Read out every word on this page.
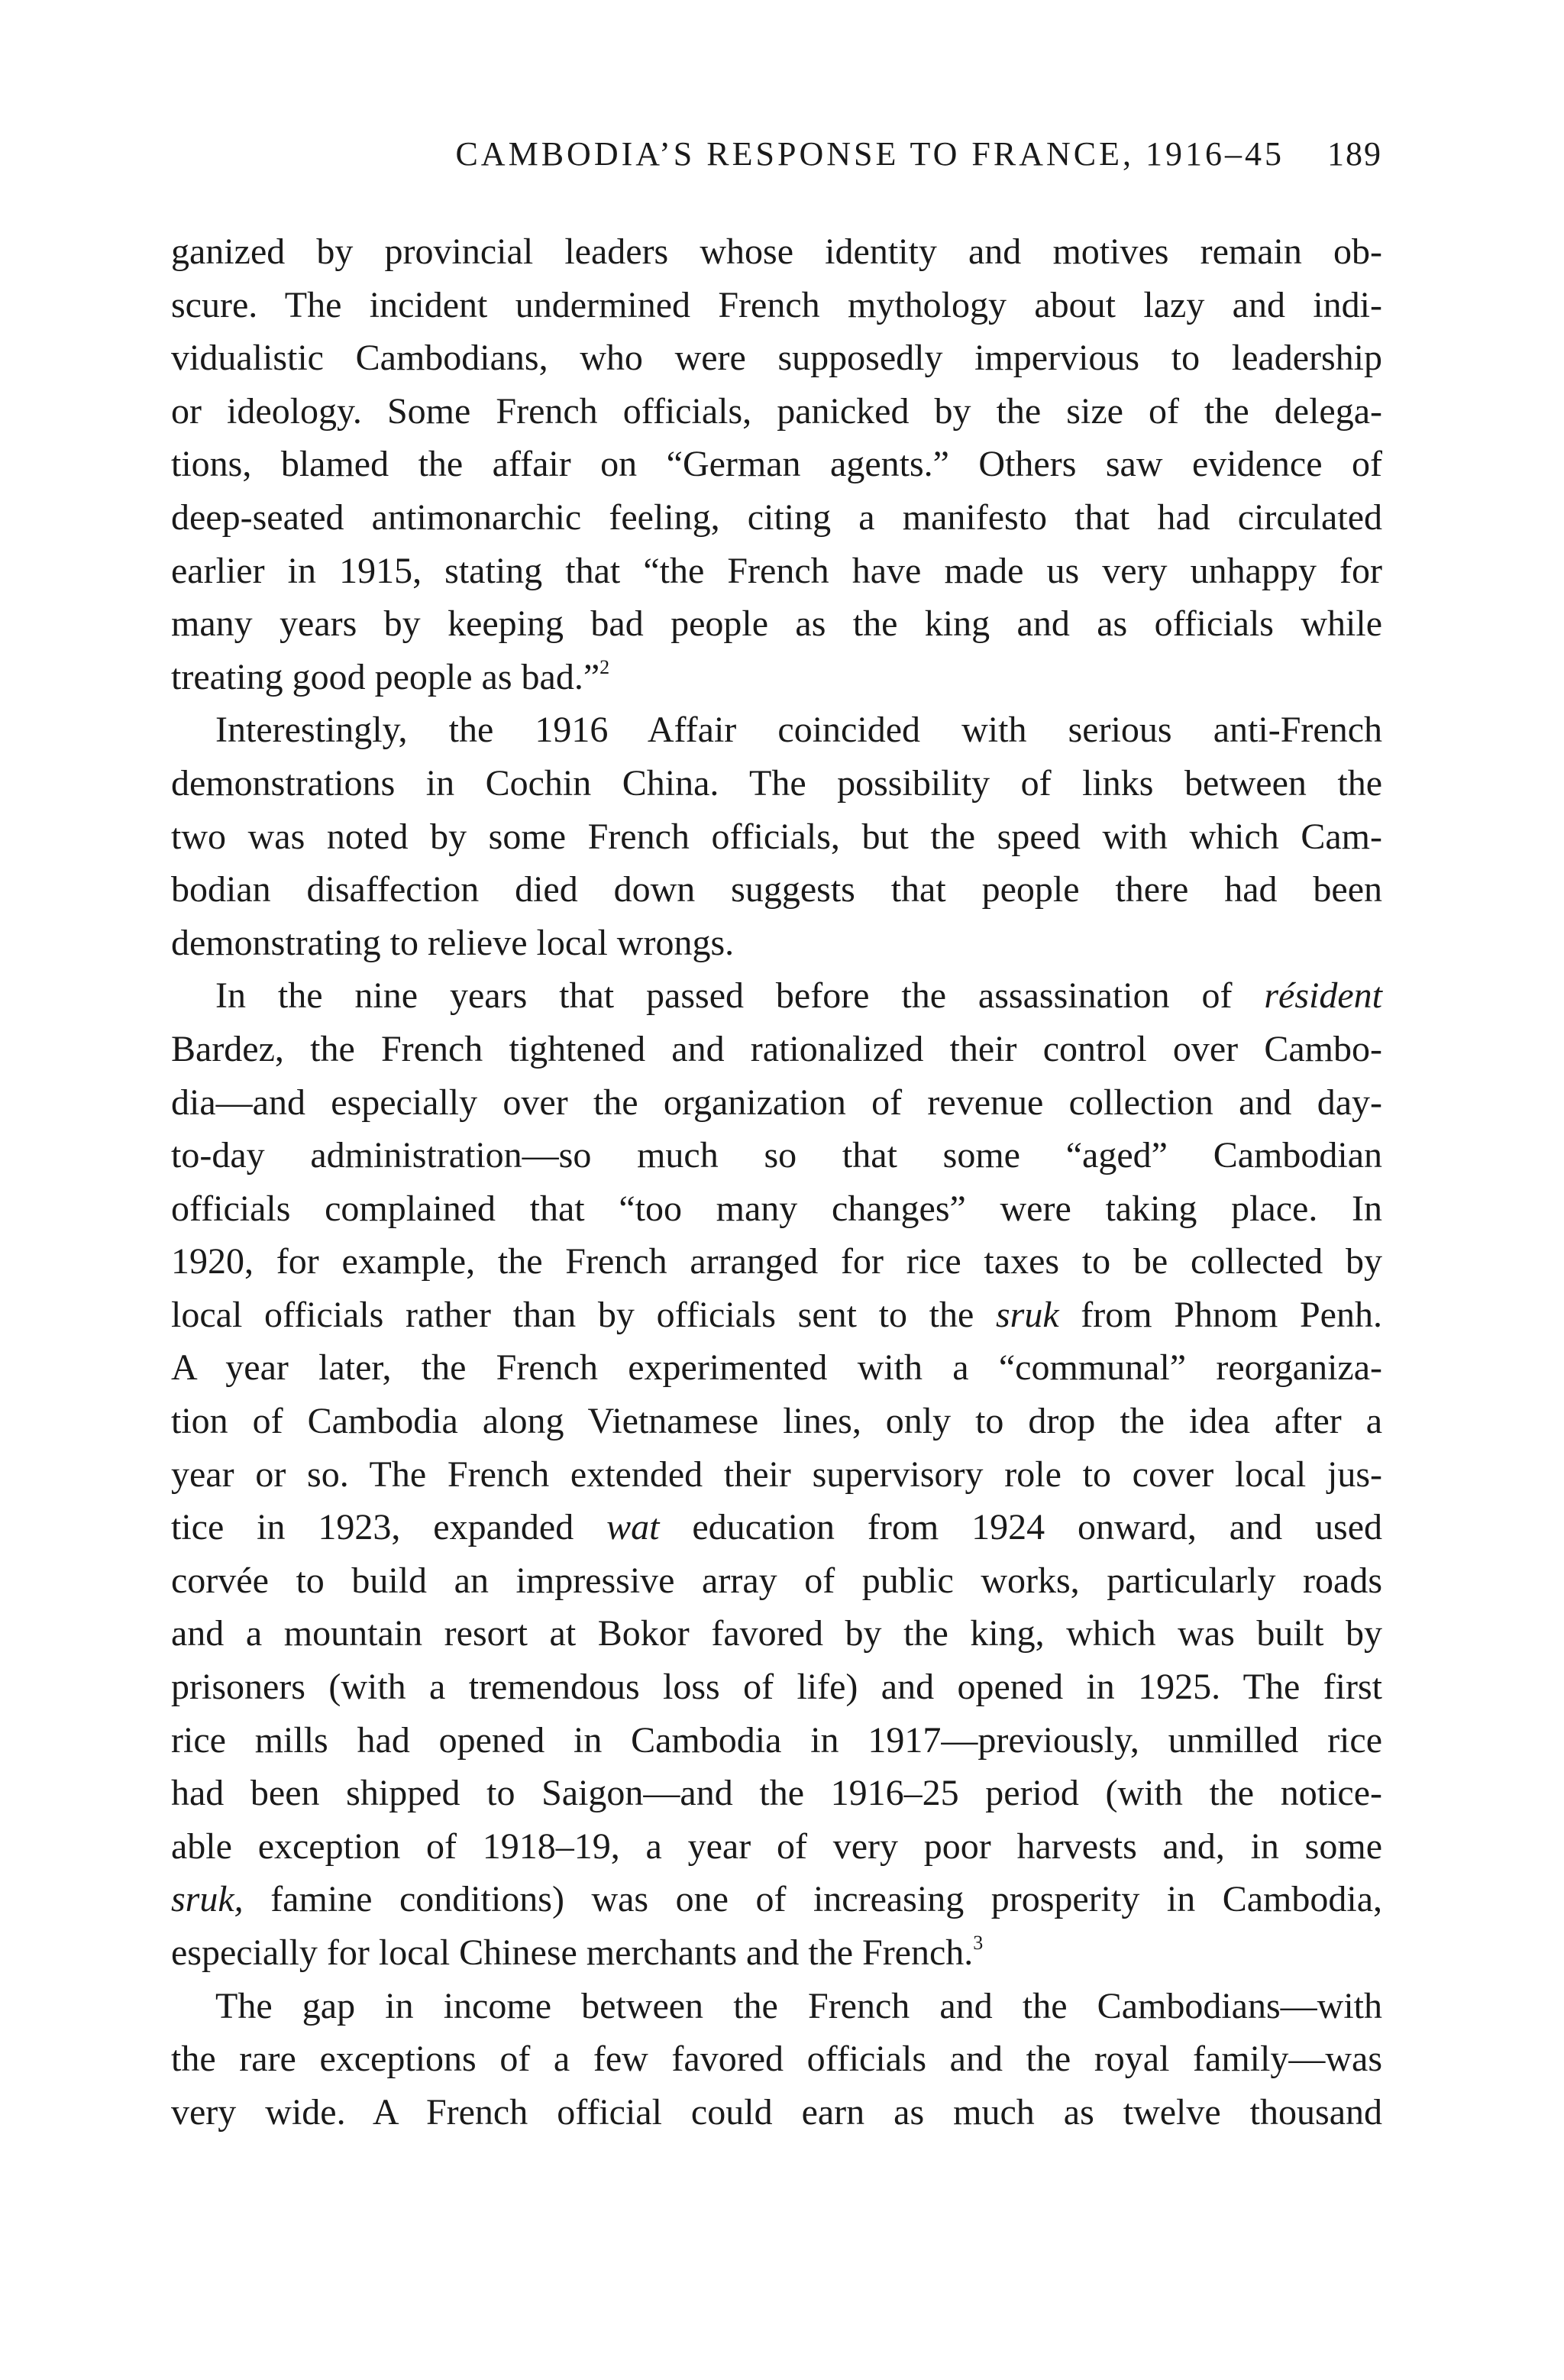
CAMBODIA’S RESPONSE TO FRANCE, 1916–45 189
ganized by provincial leaders whose identity and motives remain ob-
scure. The incident undermined French mythology about lazy and indi-
vidualistic Cambodians, who were supposedly impervious to leadership
or ideology. Some French officials, panicked by the size of the delega-
tions, blamed the affair on “German agents.” Others saw evidence of
deep-seated antimonarchic feeling, citing a manifesto that had circulated
earlier in 1915, stating that “the French have made us very unhappy for
many years by keeping bad people as the king and as officials while
treating good people as bad.”$^2$
Interestingly, the 1916 Affair coincided with serious anti-French
demonstrations in Cochin China. The possibility of links between the
two was noted by some French officials, but the speed with which Cam-
bodian disaffection died down suggests that people there had been
demonstrating to relieve local wrongs.
In the nine years that passed before the assassination of résident
Bardez, the French tightened and rationalized their control over Cambo-
dia—and especially over the organization of revenue collection and day-
to-day administration—so much so that some “aged” Cambodian
officials complained that “too many changes” were taking place. In
1920, for example, the French arranged for rice taxes to be collected by
local officials rather than by officials sent to the sruk from Phnom Penh.
A year later, the French experimented with a “communal” reorganiza-
tion of Cambodia along Vietnamese lines, only to drop the idea after a
year or so. The French extended their supervisory role to cover local jus-
tice in 1923, expanded wat education from 1924 onward, and used
corvée to build an impressive array of public works, particularly roads
and a mountain resort at Bokor favored by the king, which was built by
prisoners (with a tremendous loss of life) and opened in 1925. The first
rice mills had opened in Cambodia in 1917—previously, unmilled rice
had been shipped to Saigon—and the 1916–25 period (with the notice-
able exception of 1918–19, a year of very poor harvests and, in some
sruk, famine conditions) was one of increasing prosperity in Cambodia,
especially for local Chinese merchants and the French.$^3$
The gap in income between the French and the Cambodians—with
the rare exceptions of a few favored officials and the royal family—was
very wide. A French official could earn as much as twelve thousand
